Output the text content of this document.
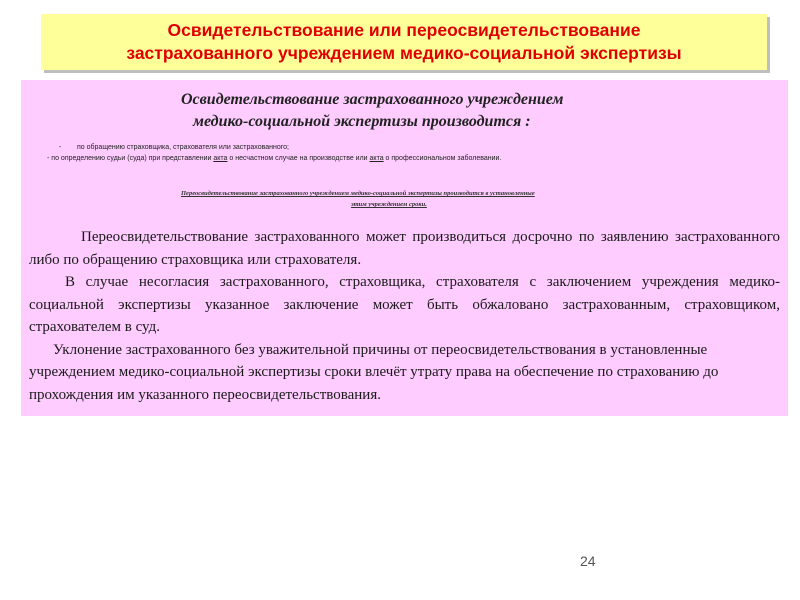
Освидетельствование или переосвидетельствование
застрахованного учреждением медико-социальной экспертизы
Освидетельствование застрахованного учреждением
медико-социальной экспертизы производится :
- по обращению страховщика, страхователя или застрахованного;
- по определению судьи (суда) при представлении акта о несчастном случае на производстве или акта о профессиональном заболевании.
Переосвидетельствование застрахованного учреждением медико-социальной экспертизы производится в установленные
этим учреждением сроки.

Переосвидетельствование застрахованного может производиться досрочно по заявлению застрахованного либо по обращению страховщика или страхователя.

В случае несогласия застрахованного, страховщика, страхователя с заключением учреждения медико-социальной экспертизы указанное заключение может быть обжаловано застрахованным, страховщиком, страхователем в суд.

Уклонение застрахованного без уважительной причины от переосвидетельствования в установленные учреждением медико-социальной экспертизы сроки влечёт утрату права на обеспечение по страхованию до прохождения им указанного переосвидетельствования.

24
